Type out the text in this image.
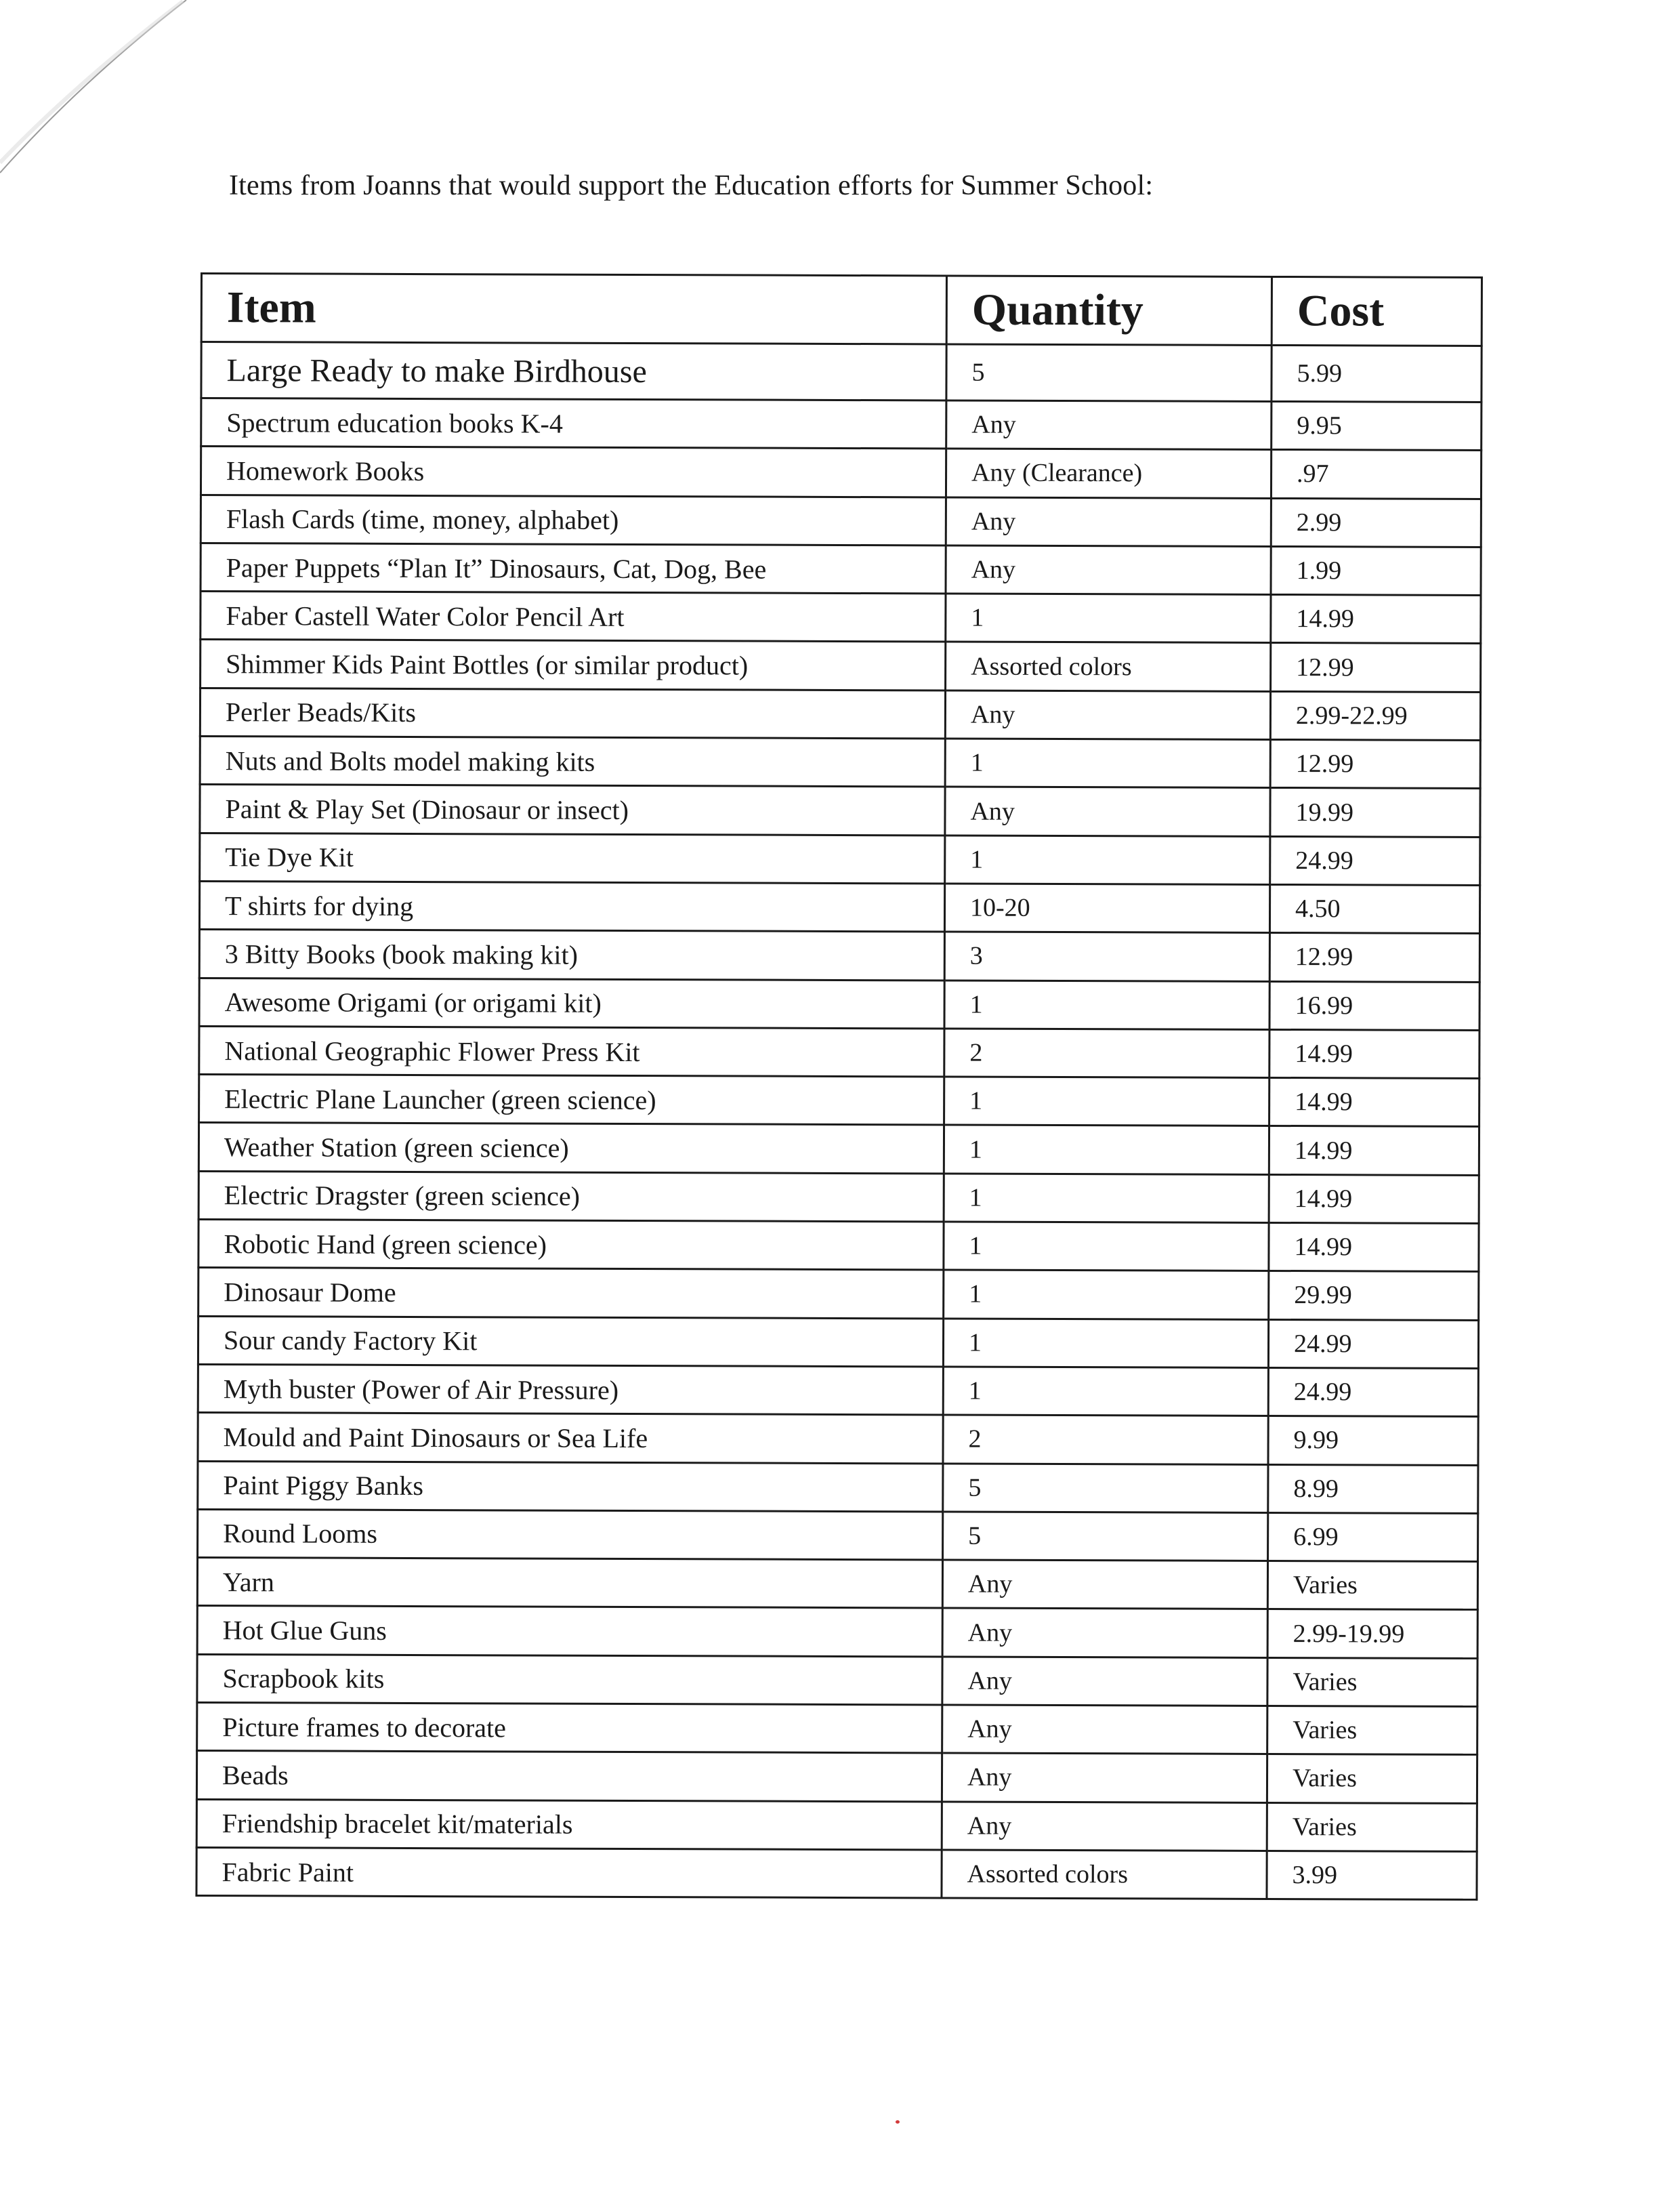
Items from Joanns that would support the Education efforts for Summer School:
Item	Quantity	Cost
Large Ready to make Birdhouse	5	5.99
Spectrum education books K-4	Any	9.95
Homework Books	Any (Clearance)	.97
Flash Cards (time, money, alphabet)	Any	2.99
Paper Puppets “Plan It” Dinosaurs, Cat, Dog, Bee	Any	1.99
Faber Castell Water Color Pencil Art	1	14.99
Shimmer Kids Paint Bottles (or similar product)	Assorted colors	12.99
Perler Beads/Kits	Any	2.99-22.99
Nuts and Bolts model making kits	1	12.99
Paint & Play Set (Dinosaur or insect)	Any	19.99
Tie Dye Kit	1	24.99
T shirts for dying	10-20	4.50
3 Bitty Books (book making kit)	3	12.99
Awesome Origami (or origami kit)	1	16.99
National Geographic Flower Press Kit	2	14.99
Electric Plane Launcher (green science)	1	14.99
Weather Station (green science)	1	14.99
Electric Dragster (green science)	1	14.99
Robotic Hand (green science)	1	14.99
Dinosaur Dome	1	29.99
Sour candy Factory Kit	1	24.99
Myth buster (Power of Air Pressure)	1	24.99
Mould and Paint Dinosaurs or Sea Life	2	9.99
Paint Piggy Banks	5	8.99
Round Looms	5	6.99
Yarn	Any	Varies
Hot Glue Guns	Any	2.99-19.99
Scrapbook kits	Any	Varies
Picture frames to decorate	Any	Varies
Beads	Any	Varies
Friendship bracelet kit/materials	Any	Varies
Fabric Paint	Assorted colors	3.99
